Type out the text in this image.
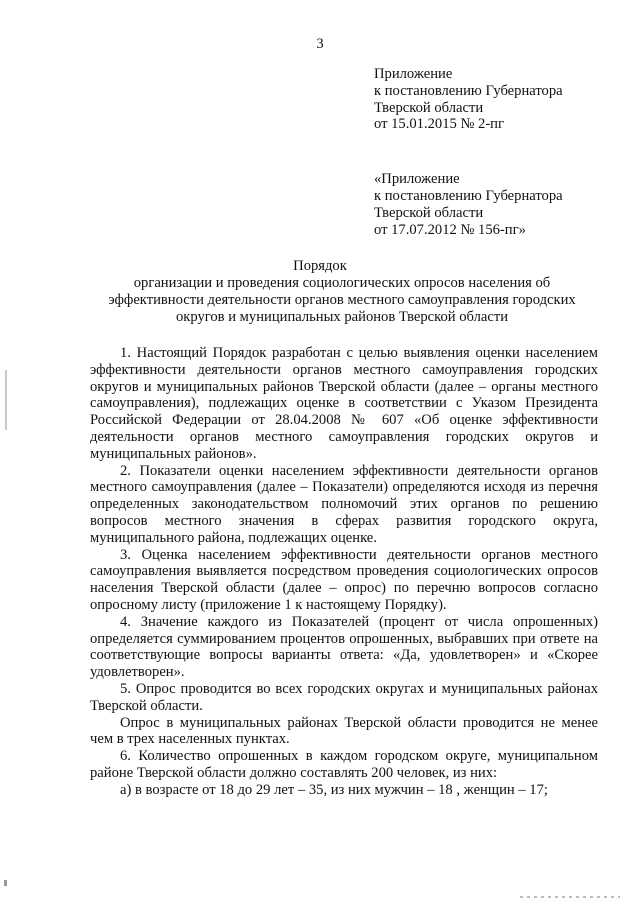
3

Приложение

к постановлению Губернатора

Тверской области

от 15.01.2015 № 2-пг

«Приложение

к постановлению Губернатора

Тверской области

от 17.07.2012 № 156-пг»

Порядок
организации и проведения социологических опросов населения об эффективности деятельности органов местного самоуправления городских округов и муниципальных районов Тверской области

1. Настоящий Порядок разработан с целью выявления оценки населением эффективности деятельности органов местного самоуправления городских округов и муниципальных районов Тверской области (далее – органы местного самоуправления), подлежащих оценке в соответствии с Указом Президента Российской Федерации от 28.04.2008 № 607 «Об оценке эффективности деятельности органов местного самоуправления городских округов и муниципальных районов».

2. Показатели оценки населением эффективности деятельности органов местного самоуправления (далее – Показатели) определяются исходя из перечня определенных законодательством полномочий этих органов по решению вопросов местного значения в сферах развития городского округа, муниципального района, подлежащих оценке.

3. Оценка населением эффективности деятельности органов местного самоуправления выявляется посредством проведения социологических опросов населения Тверской области (далее – опрос) по перечню вопросов согласно опросному листу (приложение 1 к настоящему Порядку).

4. Значение каждого из Показателей (процент от числа опрошенных) определяется суммированием процентов опрошенных, выбравших при ответе на соответствующие вопросы варианты ответа: «Да, удовлетворен» и «Скорее удовлетворен».

5. Опрос проводится во всех городских округах и муниципальных районах Тверской области.

Опрос в муниципальных районах Тверской области проводится не менее чем в трех населенных пунктах.

6. Количество опрошенных в каждом городском округе, муниципальном районе Тверской области должно составлять 200 человек, из них:

а) в возрасте от 18 до 29 лет – 35, из них мужчин – 18 , женщин – 17;
